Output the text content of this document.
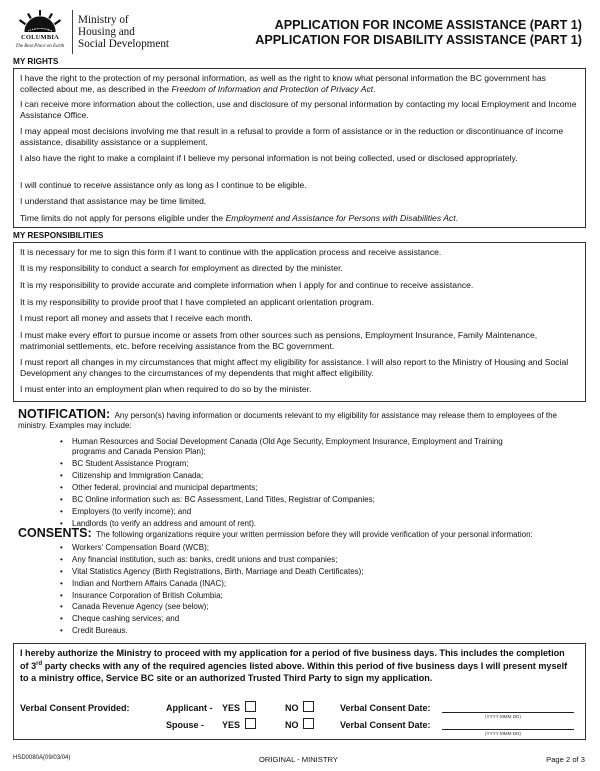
BRITISH
COLUMBIA
The Best Place on Earth
Ministry of
Housing and
Social Development
APPLICATION FOR INCOME ASSISTANCE (PART 1)
APPLICATION FOR DISABILITY ASSISTANCE (PART 1)
MY RIGHTS

I have the right to the protection of my personal information, as well as the right to know what personal information the BC government has collected about me, as described in the Freedom of Information and Protection of Privacy Act.

I can receive more information about the collection, use and disclosure of my personal information by contacting my local Employment and Income Assistance Office.

I may appeal most decisions involving me that result in a refusal to provide a form of assistance or in the reduction or discontinuance of income assistance, disability assistance or a supplement.

I also have the right to make a complaint if I believe my personal information is not being collected, used or disclosed appropriately.

I will continue to receive assistance only as long as I continue to be eligible.

I understand that assistance may be time limited.

Time limits do not apply for persons eligible under the Employment and Assistance for Persons with Disabilities Act.

MY RESPONSIBILITIES

It is necessary for me to sign this form if I want to continue with the application process and receive assistance.

It is my responsibility to conduct a search for employment as directed by the minister.

It is my responsibility to provide accurate and complete information when I apply for and continue to receive assistance.

It is my responsibility to provide proof that I have completed an applicant orientation program.

I must report all money and assets that I receive each month.

I must make every effort to pursue income or assets from other sources such as pensions, Employment Insurance, Family Maintenance, matrimonial settlements, etc. before receiving assistance from the BC government.

I must report all changes in my circumstances that might affect my eligibility for assistance. I will also report to the Ministry of Housing and Social Development any changes to the circumstances of my dependents that might affect eligibility.

I must enter into an employment plan when required to do so by the minister.

NOTIFICATION: Any person(s) having information or documents relevant to my eligibility for assistance may release them to employees of the ministry. Examples may include:
• Human Resources and Social Development Canada (Old Age Security, Employment Insurance, Employment and Training programs and Canada Pension Plan);
• BC Student Assistance Program;
• Citizenship and Immigration Canada;
• Other federal, provincial and municipal departments;
• BC Online information such as: BC Assessment, Land Titles, Registrar of Companies;
• Employers (to verify income); and
• Landlords (to verify an address and amount of rent).
CONSENTS: The following organizations require your written permission before they will provide verification of your personal information:
• Workers' Compensation Board (WCB);
• Any financial institution, such as: banks, credit unions and trust companies;
• Vital Statistics Agency (Birth Registrations, Birth, Marriage and Death Certificates);
• Indian and Northern Affairs Canada (INAC);
• Insurance Corporation of British Columbia;
• Canada Revenue Agency (see below);
• Cheque cashing services; and
• Credit Bureaus.
I hereby authorize the Ministry to proceed with my application for a period of five business days. This includes the completion of 3rd party checks with any of the required agencies listed above. Within this period of five business days I will present myself to a ministry office, Service BC site or an authorized Trusted Third Party to sign my application.
Verbal Consent Provided:	Applicant - YES	NO	Verbal Consent Date:
(YYYY MMM DD)
Spouse - YES	NO	Verbal Consent Date:
(YYYY MMM DD)
HSD0080A(09/03/04)	ORIGINAL - MINISTRY	Page 2 of 3
